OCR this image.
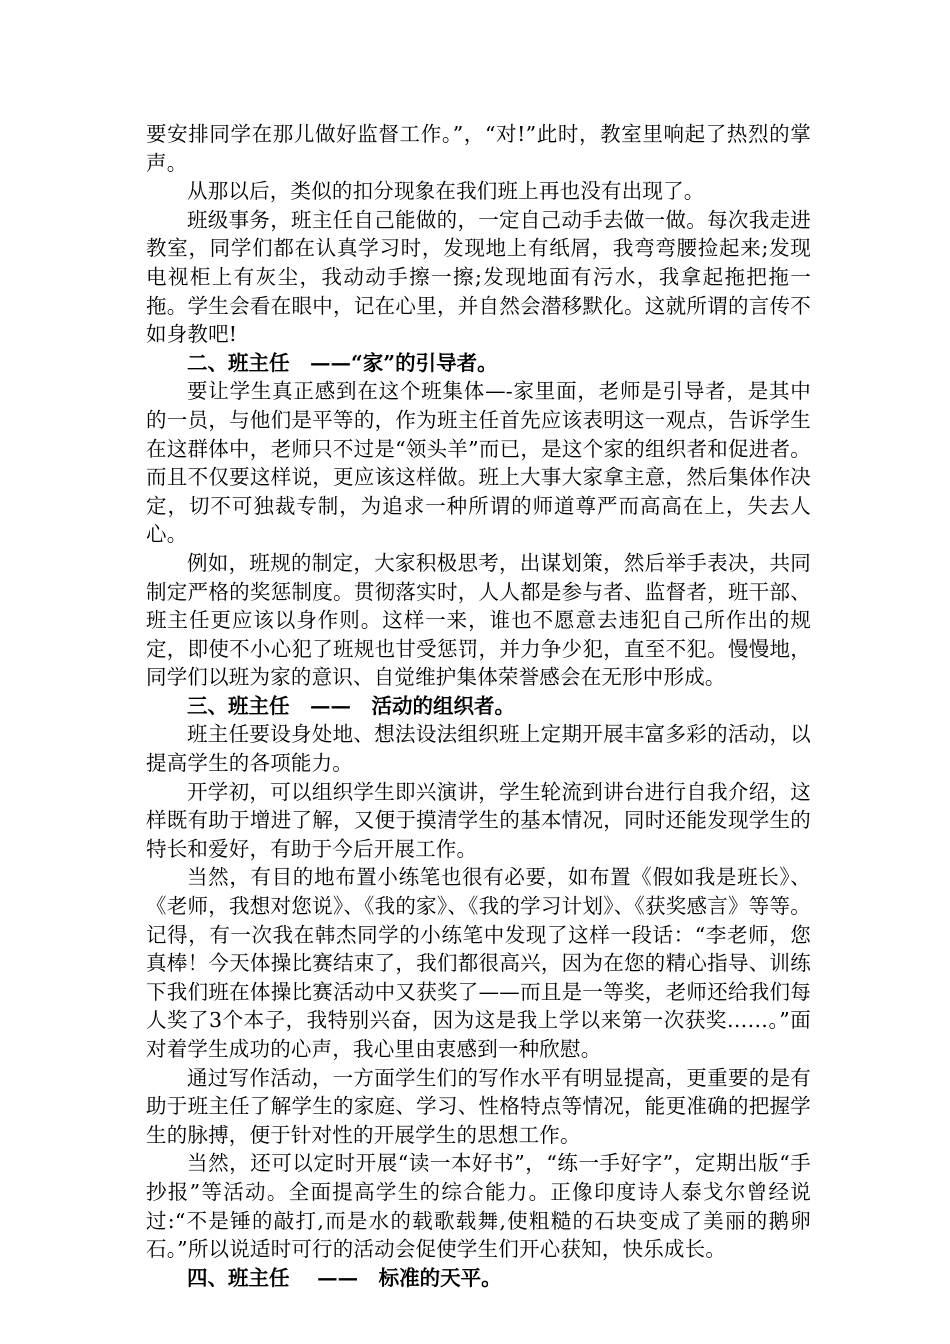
要安排同学在那儿做好监督工作。”，“对!”此时，教室里响起了热烈的掌声。

从那以后，类似的扣分现象在我们班上再也没有出现了。

班级事务，班主任自己能做的，一定自己动手去做一做。每次我走进教室，同学们都在认真学习时，发现地上有纸屑，我弯弯腰捡起来;发现电视柜上有灰尘，我动动手擦一擦;发现地面有污水，我拿起拖把拖一拖。学生会看在眼中，记在心里，并自然会潜移默化。这就所谓的言传不如身教吧!

二、班主任　——“家”的引导者。

要让学生真正感到在这个班集体—-家里面，老师是引导者，是其中的一员，与他们是平等的，作为班主任首先应该表明这一观点，告诉学生在这群体中，老师只不过是“领头羊”而已，是这个家的组织者和促进者。而且不仅要这样说，更应该这样做。班上大事大家拿主意，然后集体作决定，切不可独裁专制，为追求一种所谓的师道尊严而高高在上，失去人心。

例如，班规的制定，大家积极思考，出谋划策，然后举手表决，共同制定严格的奖惩制度。贯彻落实时，人人都是参与者、监督者，班干部、班主任更应该以身作则。这样一来，谁也不愿意去违犯自己所作出的规定，即使不小心犯了班规也甘受惩罚，并力争少犯，直至不犯。慢慢地，同学们以班为家的意识、自觉维护集体荣誉感会在无形中形成。

三、班主任　——　活动的组织者。

班主任要设身处地、想法设法组织班上定期开展丰富多彩的活动，以提高学生的各项能力。

开学初，可以组织学生即兴演讲，学生轮流到讲台进行自我介绍，这样既有助于增进了解，又便于摸清学生的基本情况，同时还能发现学生的特长和爱好，有助于今后开展工作。

当然，有目的地布置小练笔也很有必要，如布置《假如我是班长》、《老师，我想对您说》、《我的家》、《我的学习计划》、《获奖感言》等等。记得，有一次我在韩杰同学的小练笔中发现了这样一段话：“李老师，您真棒！今天体操比赛结束了，我们都很高兴，因为在您的精心指导、训练下我们班在体操比赛活动中又获奖了——而且是一等奖，老师还给我们每人奖了3个本子，我特别兴奋，因为这是我上学以来第一次获奖……。”面对着学生成功的心声，我心里由衷感到一种欣慰。

通过写作活动，一方面学生们的写作水平有明显提高，更重要的是有助于班主任了解学生的家庭、学习、性格特点等情况，能更准确的把握学生的脉搏，便于针对性的开展学生的思想工作。

当然，还可以定时开展“读一本好书”，“练一手好字”，定期出版“手抄报”等活动。全面提高学生的综合能力。正像印度诗人泰戈尔曾经说过:“不是锤的敲打,而是水的载歌载舞,使粗糙的石块变成了美丽的鹅卵石。”所以说适时可行的活动会促使学生们开心获知，快乐成长。

四、班主任　 ——　标准的天平。
